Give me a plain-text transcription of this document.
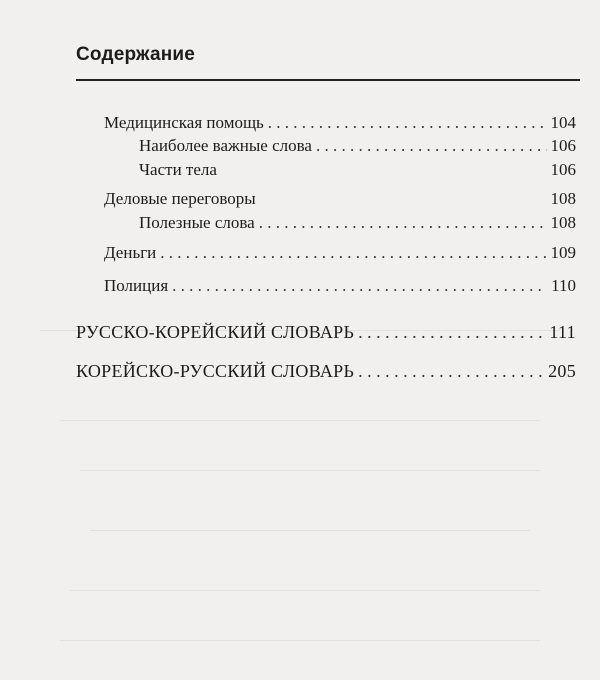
Содержание
Медицинская помощь . . .	104
Наиболее важные слова . . .	106
Части тела	106
Деловые переговоры	108
Полезные слова . . .	108
Деньги . . .	109
Полиция . . .	110
РУССКО-КОРЕЙСКИЙ СЛОВАРЬ . . .	111
КОРЕЙСКО-РУССКИЙ СЛОВАРЬ . . .	205
